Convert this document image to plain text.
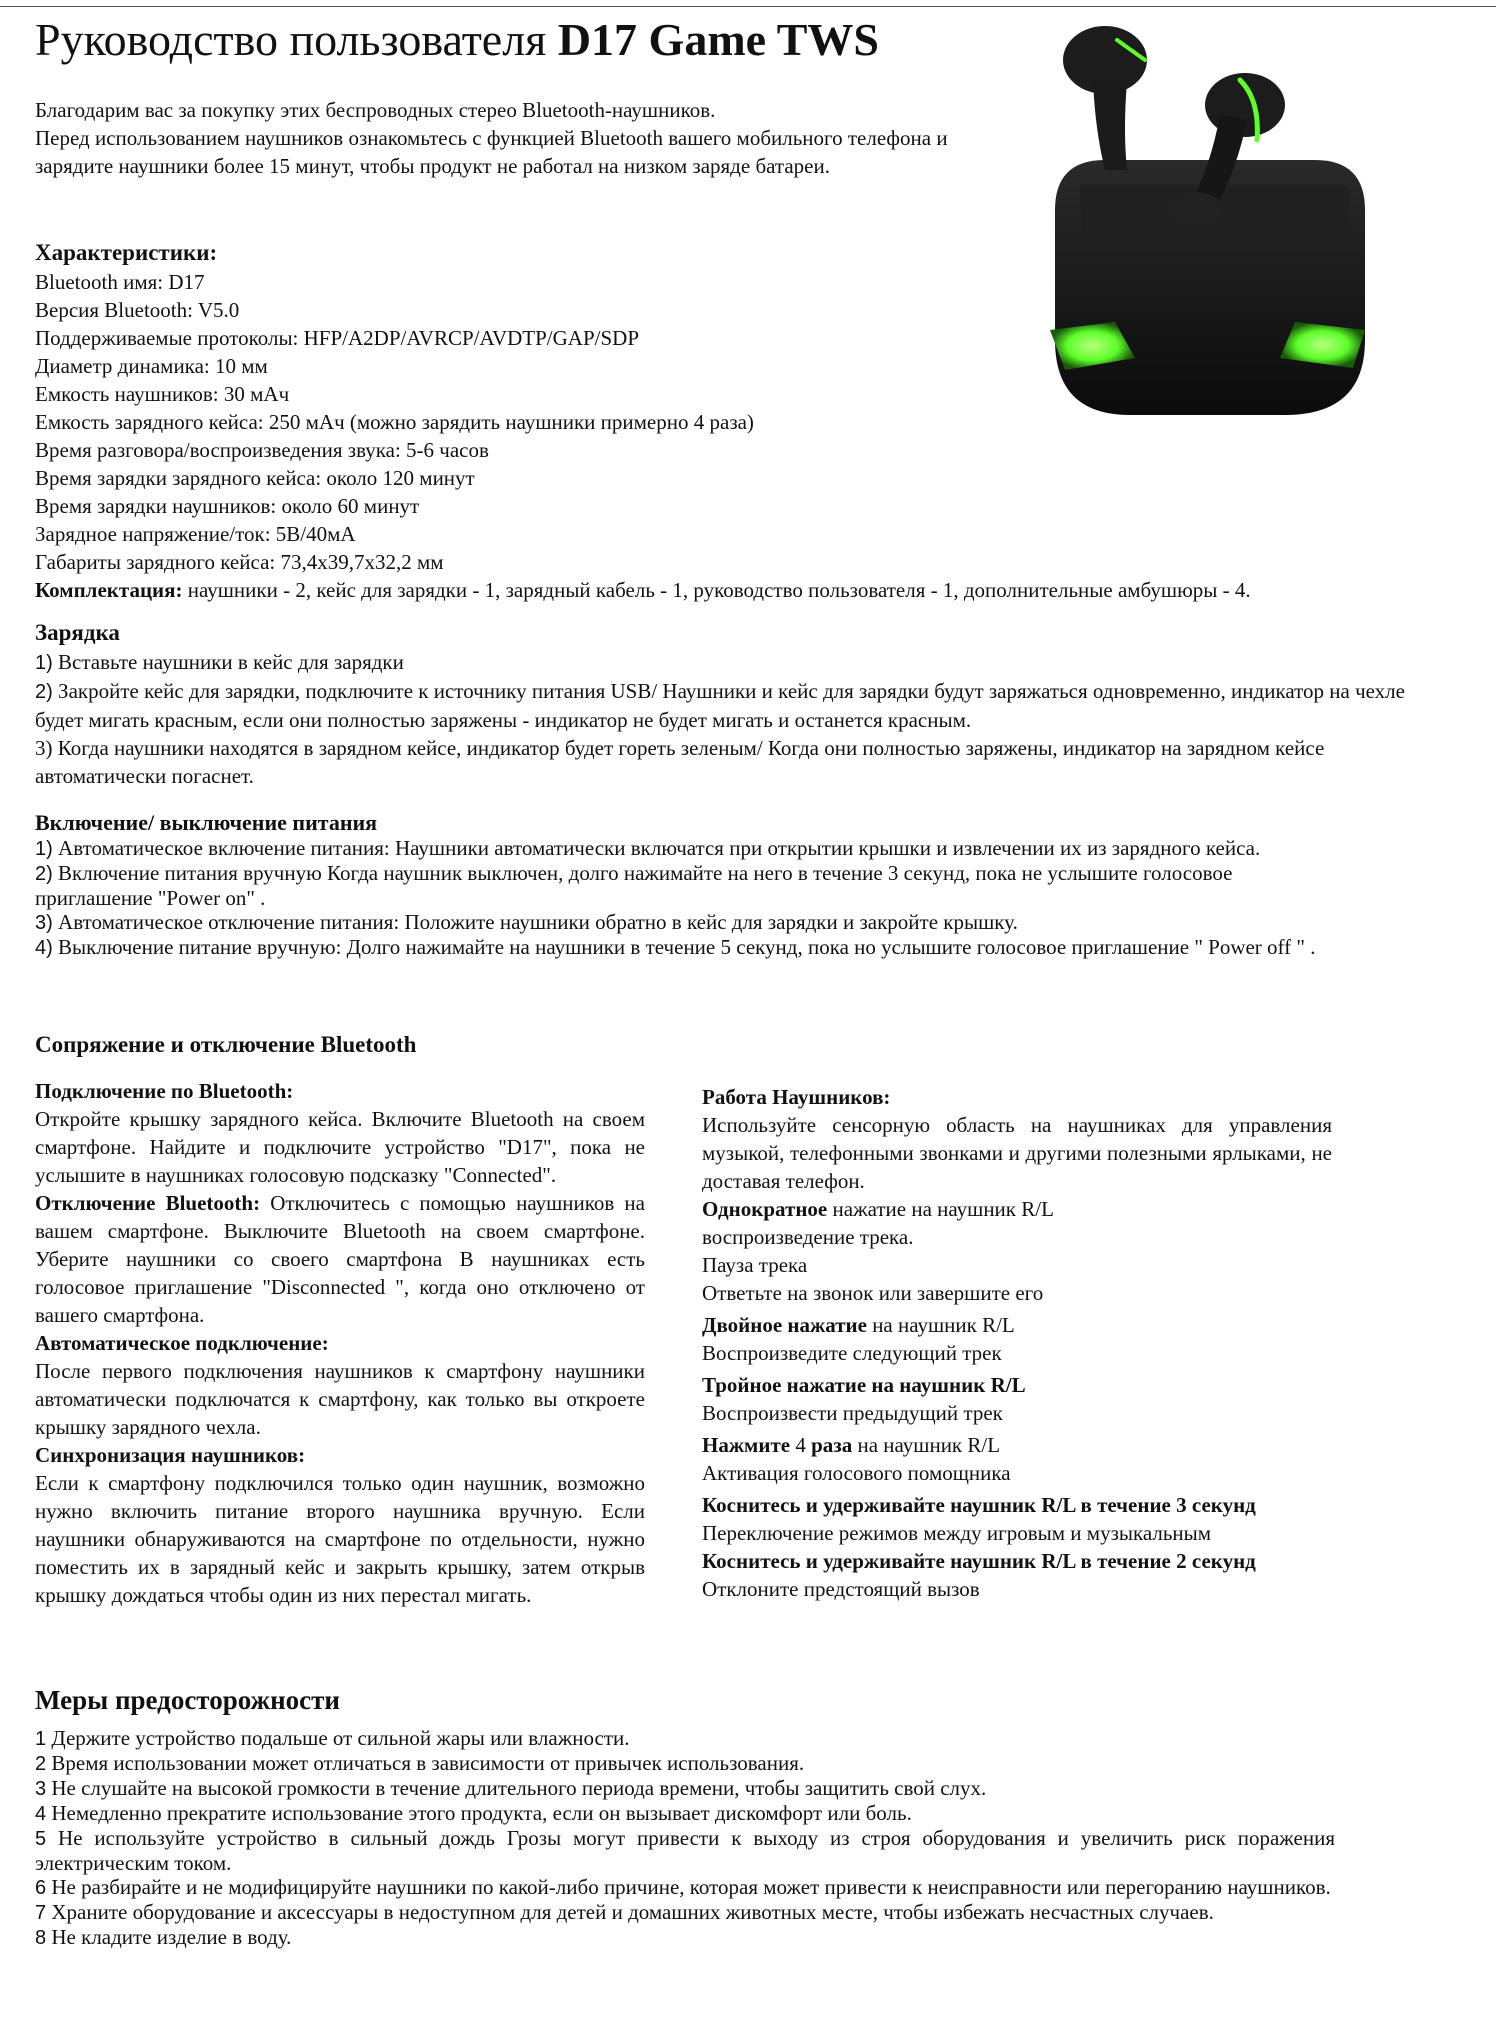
Руководство пользователя D17 Game TWS

Благодарим вас за покупку этих беспроводных стерео Bluetooth-наушников.

Перед использованием наушников ознакомьтесь с функцией Bluetooth вашего мобильного телефона и зарядите наушники более 15 минут, чтобы продукт не работал на низком заряде батареи.

Характеристики:
Bluetooth имя: D17
Версия Bluetooth: V5.0
Поддерживаемые протоколы: HFP/A2DP/AVRCP/AVDTP/GAP/SDP
Диаметр динамика: 10 мм
Емкость наушников: 30 мАч
Емкость зарядного кейса: 250 мАч (можно зарядить наушники примерно 4 раза)
Время разговора/воспроизведения звука: 5-6 часов
Время зарядки зарядного кейса: около 120 минут
Время зарядки наушников: около 60 минут
Зарядное напряжение/ток: 5В/40мА
Габариты зарядного кейса: 73,4х39,7х32,2 мм
Комплектация: наушники - 2, кейс для зарядки - 1, зарядный кабель - 1, руководство пользователя - 1, дополнительные амбушюры - 4.
Зарядка
1) Вставьте наушники в кейс для зарядки
2) Закройте кейс для зарядки, подключите к источнику питания USB/ Наушники и кейс для зарядки будут заряжаться одновременно, индикатор на чехле будет мигать красным, если они полностью заряжены - индикатор не будет мигать и останется красным.
3) Когда наушники находятся в зарядном кейсе, индикатор будет гореть зеленым/ Когда они полностью заряжены, индикатор на зарядном кейсе автоматически погаснет.
Включение/ выключение питания
1) Автоматическое включение питания: Наушники автоматически включатся при открытии крышки и извлечении их из зарядного кейса.
2) Включение питания вручную Когда наушник выключен, долго нажимайте на него в течение 3 секунд, пока не услышите голосовое приглашение "Power on" .
3) Автоматическое отключение питания: Положите наушники обратно в кейс для зарядки и закройте крышку.
4) Выключение питание вручную: Долго нажимайте на наушники в течение 5 секунд, пока но услышите голосовое приглашение " Power off " .
Сопряжение и отключение Bluetooth
Подключение по Bluetooth:
Откройте крышку зарядного кейса. Включите Bluetooth на своем смартфоне. Найдите и подключите устройство "D17", пока не услышите в наушниках голосовую подсказку "Connected".
Отключение Bluetooth: Отключитесь с помощью наушников на вашем смартфоне. Выключите Bluetooth на своем смартфоне. Уберите наушники со своего смартфона В наушниках есть голосовое приглашение "Disconnected ", когда оно отключено от вашего смартфона.
Автоматическое подключение:
После первого подключения наушников к смартфону наушники автоматически подключатся к смартфону, как только вы откроете крышку зарядного чехла.
Синхронизация наушников:
Если к смартфону подключился только один наушник, возможно нужно включить питание второго наушника вручную. Если наушники обнаруживаются на смартфоне по отдельности, нужно поместить их в зарядный кейс и закрыть крышку, затем открыв крышку дождаться чтобы один из них перестал мигать.
Работа Наушников:
Используйте сенсорную область на наушниках для управления музыкой, телефонными звонками и другими полезными ярлыками, не доставая телефон.
Однократное нажатие на наушник R/L
воспроизведение трека.
Пауза трека
Ответьте на звонок или завершите его
Двойное нажатие на наушник R/L
Воспроизведите следующий трек
Тройное нажатие на наушник R/L
Воспроизвести предыдущий трек
Нажмите 4 раза на наушник R/L
Активация голосового помощника
Коснитесь и удерживайте наушник R/L в течение 3 секунд
Переключение режимов между игровым и музыкальным
Коснитесь и удерживайте наушник R/L в течение 2 секунд
Отклоните предстоящий вызов
Меры предосторожности
1 Держите устройство подальше от сильной жары или влажности.
2 Время использовании может отличаться в зависимости от привычек использования.
3 Не слушайте на высокой громкости в течение длительного периода времени, чтобы защитить свой слух.
4 Немедленно прекратите использование этого продукта, если он вызывает дискомфорт или боль.
5 Не используйте устройство в сильный дождь Грозы могут привести к выходу из строя оборудования и увеличить риск поражения электрическим током.
6 Не разбирайте и не модифицируйте наушники по какой-либо причине, которая может привести к неисправности или перегоранию наушников.
7 Храните оборудование и аксессуары в недоступном для детей и домашних животных месте, чтобы избежать несчастных случаев.
8 Не кладите изделие в воду.
